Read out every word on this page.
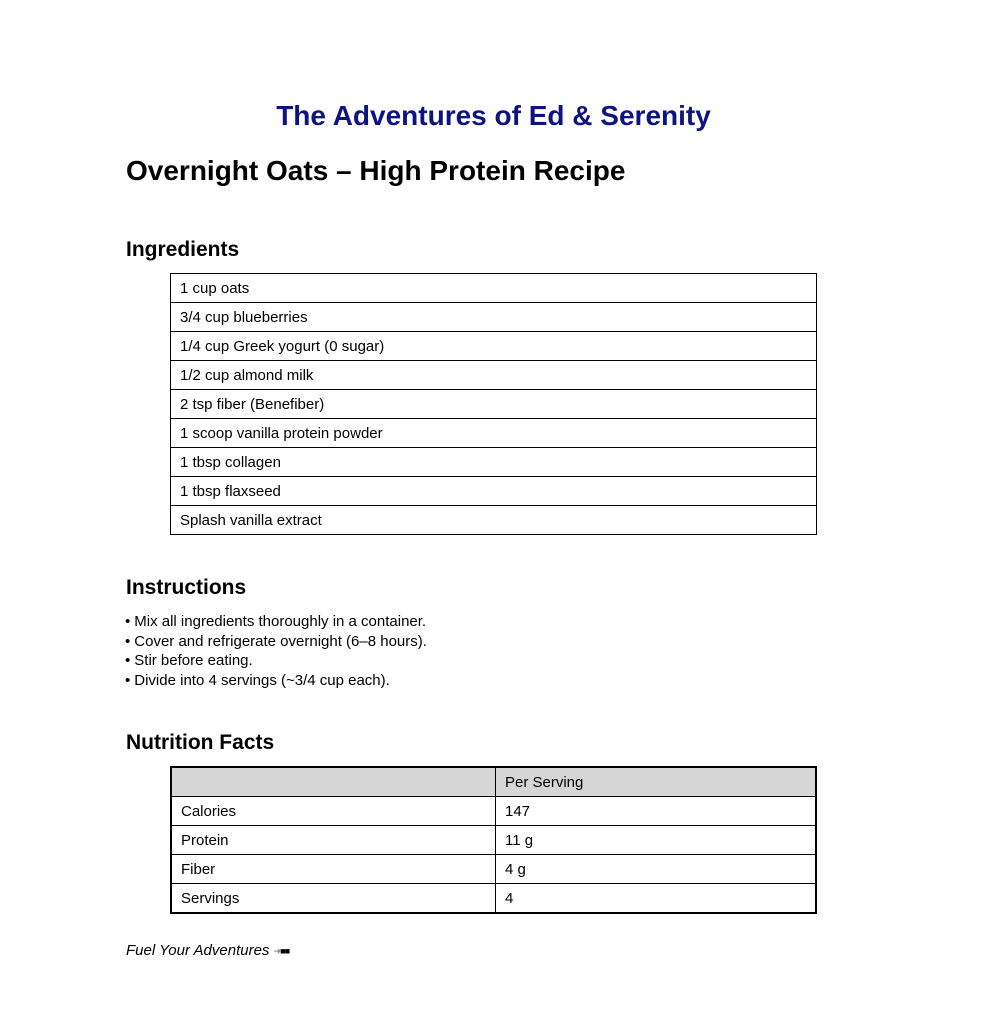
The Adventures of Ed & Serenity
Overnight Oats – High Protein Recipe
Ingredients
1 cup oats
3/4 cup blueberries
1/4 cup Greek yogurt (0 sugar)
1/2 cup almond milk
2 tsp fiber (Benefiber)
1 scoop vanilla protein powder
1 tbsp collagen
1 tbsp flaxseed
Splash vanilla extract
Instructions
• Mix all ingredients thoroughly in a container.
• Cover and refrigerate overnight (6–8 hours).
• Stir before eating.
• Divide into 4 servings (~3/4 cup each).
Nutrition Facts
	Per Serving
Calories	147
Protein	11 g
Fiber	4 g
Servings	4

Fuel Your Adventures ➜■■
